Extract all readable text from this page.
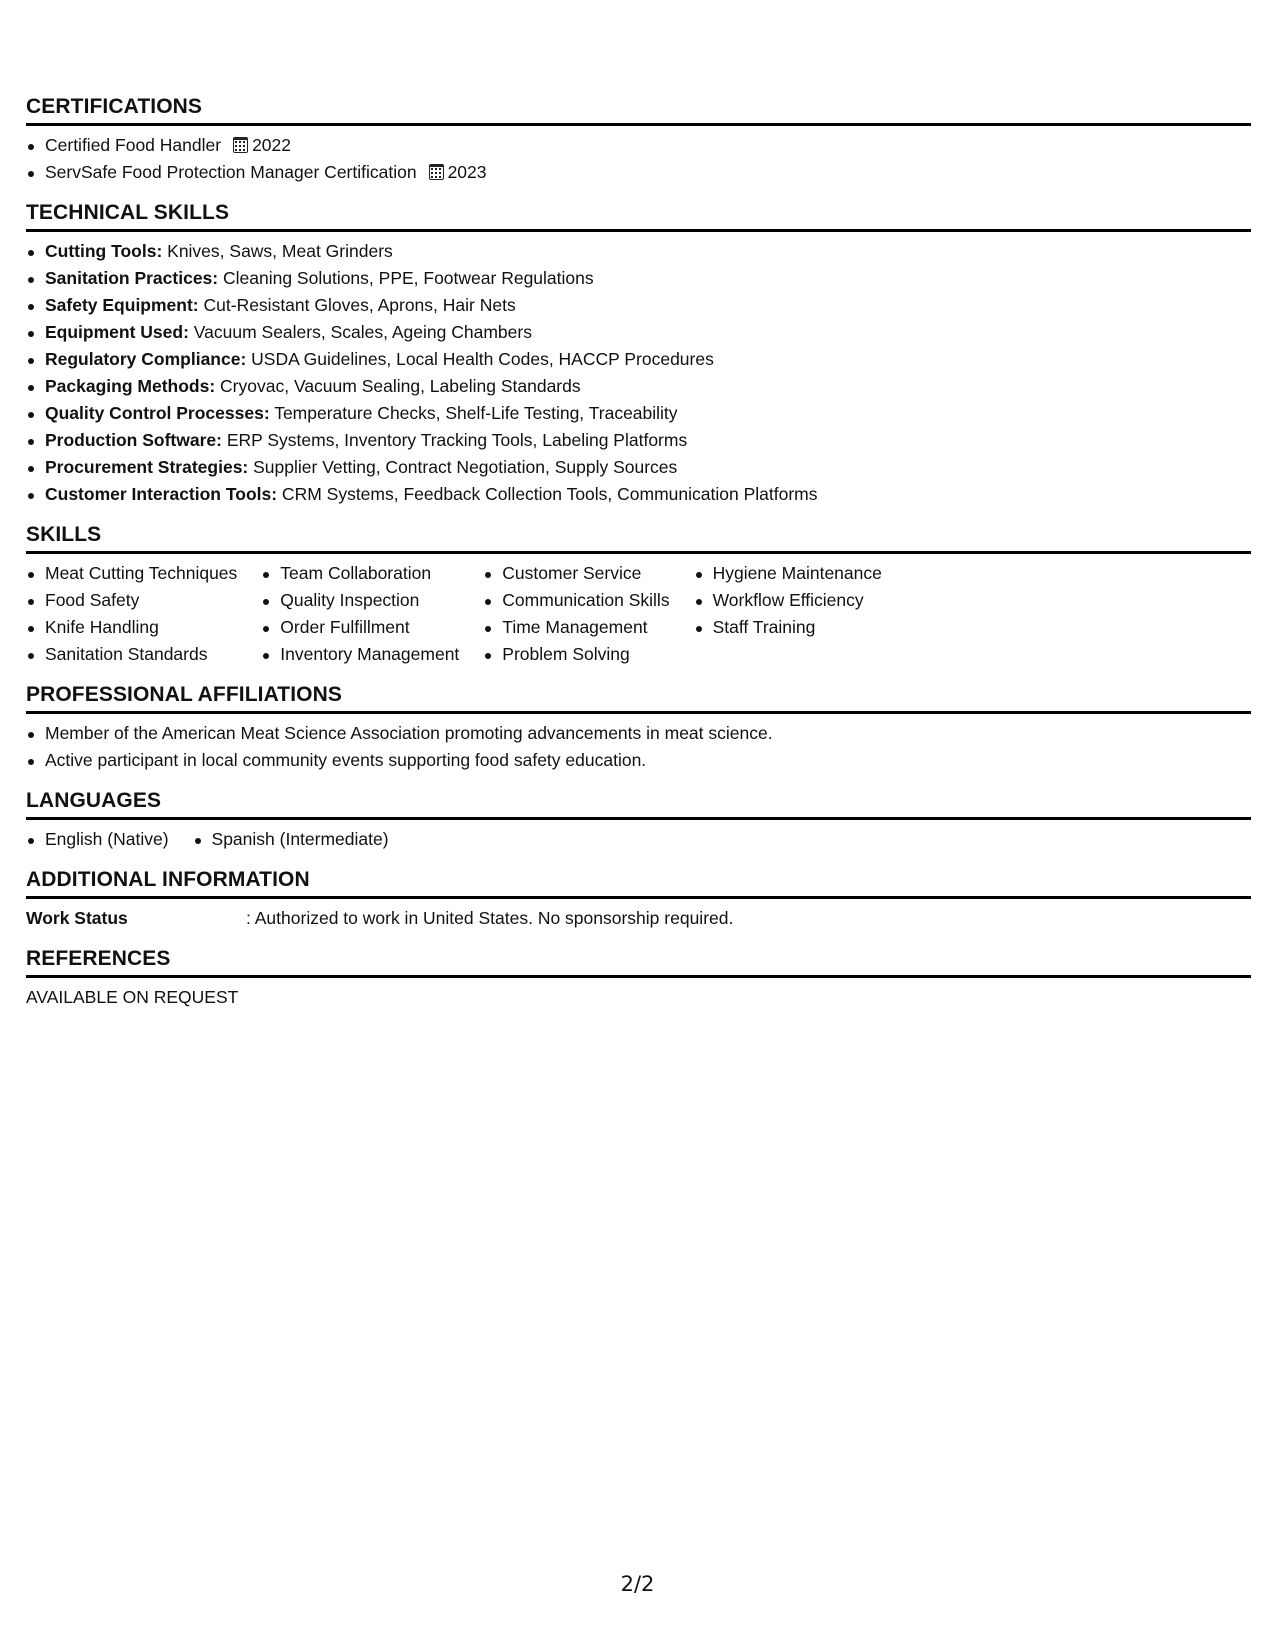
CERTIFICATIONS
Certified Food Handler 2022
ServSafe Food Protection Manager Certification 2023
TECHNICAL SKILLS
Cutting Tools: Knives, Saws, Meat Grinders
Sanitation Practices: Cleaning Solutions, PPE, Footwear Regulations
Safety Equipment: Cut-Resistant Gloves, Aprons, Hair Nets
Equipment Used: Vacuum Sealers, Scales, Ageing Chambers
Regulatory Compliance: USDA Guidelines, Local Health Codes, HACCP Procedures
Packaging Methods: Cryovac, Vacuum Sealing, Labeling Standards
Quality Control Processes: Temperature Checks, Shelf-Life Testing, Traceability
Production Software: ERP Systems, Inventory Tracking Tools, Labeling Platforms
Procurement Strategies: Supplier Vetting, Contract Negotiation, Supply Sources
Customer Interaction Tools: CRM Systems, Feedback Collection Tools, Communication Platforms
SKILLS
Meat Cutting Techniques
Food Safety
Knife Handling
Sanitation Standards
Team Collaboration
Quality Inspection
Order Fulfillment
Inventory Management
Customer Service
Communication Skills
Time Management
Problem Solving
Hygiene Maintenance
Workflow Efficiency
Staff Training
PROFESSIONAL AFFILIATIONS
Member of the American Meat Science Association promoting advancements in meat science.
Active participant in local community events supporting food safety education.
LANGUAGES
English (Native)	Spanish (Intermediate)
ADDITIONAL INFORMATION
Work Status	: Authorized to work in United States. No sponsorship required.
REFERENCES
AVAILABLE ON REQUEST
2/2
